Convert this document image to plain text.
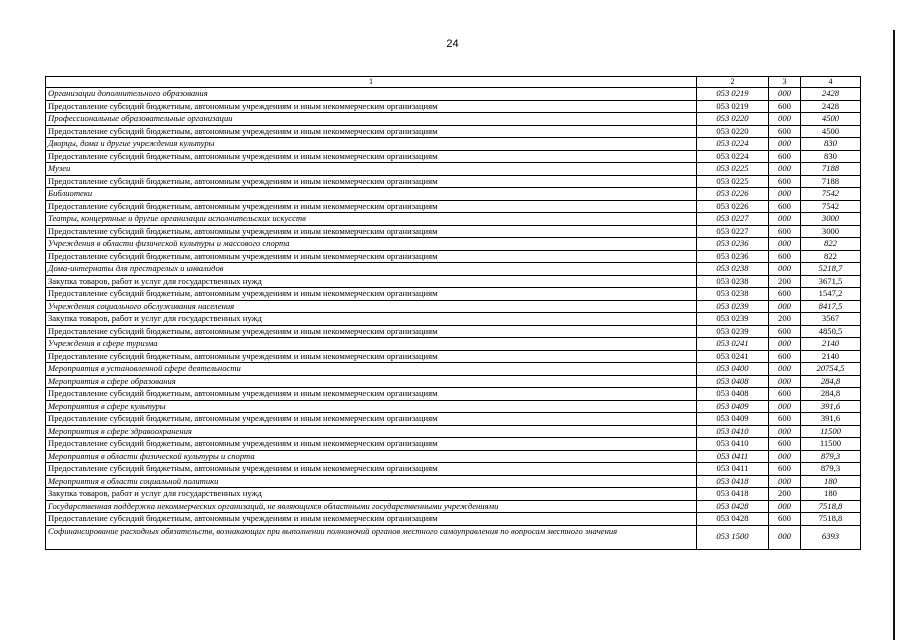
24
1	2	3	4
Организации дополнительного образования	053 0219	000	2428
Предоставление субсидий бюджетным, автономным учреждениям и иным некоммерческим организациям	053 0219	600	2428
Профессиональные образовательные организации	053 0220	000	4500
Предоставление субсидий бюджетным, автономным учреждениям и иным некоммерческим организациям	053 0220	600	4500
Дворцы, дома и другие учреждения культуры	053 0224	000	830
Предоставление субсидий бюджетным, автономным учреждениям и иным некоммерческим организациям	053 0224	600	830
Музеи	053 0225	000	7188
Предоставление субсидий бюджетным, автономным учреждениям и иным некоммерческим организациям	053 0225	600	7188
Библиотеки	053 0226	000	7542
Предоставление субсидий бюджетным, автономным учреждениям и иным некоммерческим организациям	053 0226	600	7542
Театры, концертные и другие организации исполнительских искусств	053 0227	000	3000
Предоставление субсидий бюджетным, автономным учреждениям и иным некоммерческим организациям	053 0227	600	3000
Учреждения в области физической культуры и массового спорта	053 0236	000	822
Предоставление субсидий бюджетным, автономным учреждениям и иным некоммерческим организациям	053 0236	600	822
Дома-интернаты для престарелых и инвалидов	053 0238	000	5218,7
Закупка товаров, работ и услуг для государственных нужд	053 0238	200	3671,5
Предоставление субсидий бюджетным, автономным учреждениям и иным некоммерческим организациям	053 0238	600	1547,2
Учреждения социального обслуживания населения	053 0239	000	8417,5
Закупка товаров, работ и услуг для государственных нужд	053 0239	200	3567
Предоставление субсидий бюджетным, автономным учреждениям и иным некоммерческим организациям	053 0239	600	4850,5
Учреждения в сфере туризма	053 0241	000	2140
Предоставление субсидий бюджетным, автономным учреждениям и иным некоммерческим организациям	053 0241	600	2140
Мероприятия в установленной сфере деятельности	053 0400	000	20754,5
Мероприятия в сфере образования	053 0408	000	284,8
Предоставление субсидий бюджетным, автономным учреждениям и иным некоммерческим организациям	053 0408	600	284,8
Мероприятия в сфере культуры	053 0409	000	391,6
Предоставление субсидий бюджетным, автономным учреждениям и иным некоммерческим организациям	053 0409	600	391,6
Мероприятия в сфере здравоохранения	053 0410	000	11500
Предоставление субсидий бюджетным, автономным учреждениям и иным некоммерческим организациям	053 0410	600	11500
Мероприятия в области физической культуры и спорта	053 0411	000	879,3
Предоставление субсидий бюджетным, автономным учреждениям и иным некоммерческим организациям	053 0411	600	879,3
Мероприятия в области социальной политики	053 0418	000	180
Закупка товаров, работ и услуг для государственных нужд	053 0418	200	180
Государственная поддержка некоммерческих организаций, не являющихся областными государственными учреждениями	053 0428	000	7518,8
Предоставление субсидий бюджетным, автономным учреждениям и иным некоммерческим организациям	053 0428	600	7518,8
Софинансирование расходных обязательств, возникающих при выполнении полномочий органов местного самоуправления по вопросам местного значения	053 1500	000	6393
